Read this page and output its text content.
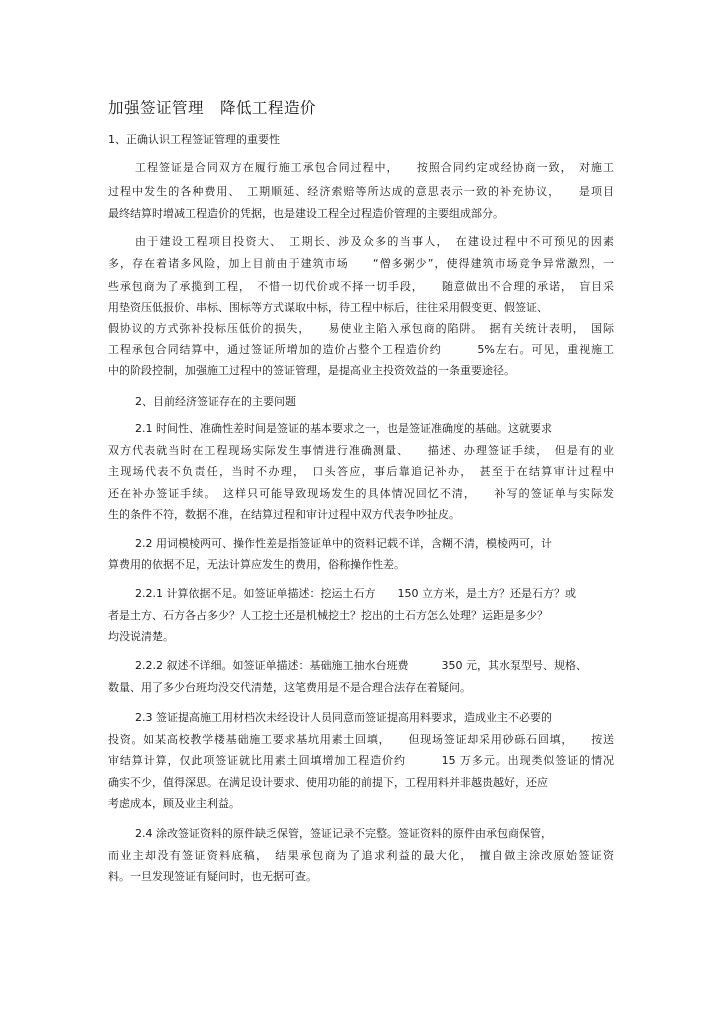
加强签证管理　降低工程造价
1、正确认识工程签证管理的重要性
工程签证是合同双方在履行施工承包合同过程中，　　按照合同约定或经协商一致，　对施工
过程中发生的各种费用、　工期顺延、经济索赔等所达成的意思表示一致的补充协议，　　是项目
最终结算时增减工程造价的凭据，也是建设工程全过程造价管理的主要组成部分。
由于建设工程项目投资大、　工期长、涉及众多的当事人，　在建设过程中不可预见的因素
多，存在着诸多风险，加上目前由于建筑市场　　“僧多粥少”，使得建筑市场竞争异常激烈，一
些承包商为了承揽到工程，　不惜一切代价或不择一切手段，　　随意做出不合理的承诺，　盲目采
用垫资压低报价、串标、围标等方式谋取中标，待工程中标后，往往采用假变更、假签证、
假协议的方式弥补投标压低价的损失，　　易使业主陷入承包商的陷阱。　据有关统计表明，　国际
工程承包合同结算中，通过签证所增加的造价占整个工程造价约　　　5%左右。可见，重视施工
中的阶段控制，加强施工过程中的签证管理，是提高业主投资效益的一条重要途径。
2、目前经济签证存在的主要问题
2.1 时间性、准确性差时间是签证的基本要求之一，也是签证准确度的基础。这就要求
双方代表就当时在工程现场实际发生事情进行准确测量、　　描述、办理签证手续，　但是有的业
主现场代表不负责任，当时不办理，　口头答应，事后靠追记补办，　甚至于在结算审计过程中
还在补办签证手续。　这样只可能导致现场发生的具体情况回忆不清，　　补写的签证单与实际发
生的条件不符，数据不准，在结算过程和审计过程中双方代表争吵扯皮。
2.2 用词模棱两可、操作性差是指签证单中的资料记载不详，含糊不清，模棱两可，计
算费用的依据不足，无法计算应发生的费用，俗称操作性差。
2.2.1 计算依据不足。如签证单描述：挖运土石方　　150 立方米，是土方？还是石方？或
者是土方、石方各占多少？人工挖土还是机械挖土？挖出的土石方怎么处理？运距是多少？
均没说清楚。
2.2.2 叙述不详细。如签证单描述：基础施工抽水台班费　　　350 元，其水泵型号、规格、
数量、用了多少台班均没交代清楚，这笔费用是不是合理合法存在着疑问。
2.3 签证提高施工用材档次未经设计人员同意而签证提高用料要求，造成业主不必要的
投资。如某高校教学楼基础施工要求基坑用素土回填，　　但现场签证却采用砂砾石回填，　　按送
审结算计算，仅此项签证就比用素土回填增加工程造价约　　　15 万多元。出现类似签证的情况
确实不少，值得深思。在满足设计要求、使用功能的前提下，工程用料并非越贵越好，还应
考虑成本，顾及业主利益。
2.4 涂改签证资料的原件缺乏保管，签证记录不完整。签证资料的原件由承包商保管，
而业主却没有签证资料底稿，　结果承包商为了追求利益的最大化，　擅自做主涂改原始签证资
料。一旦发现签证有疑问时，也无据可查。
